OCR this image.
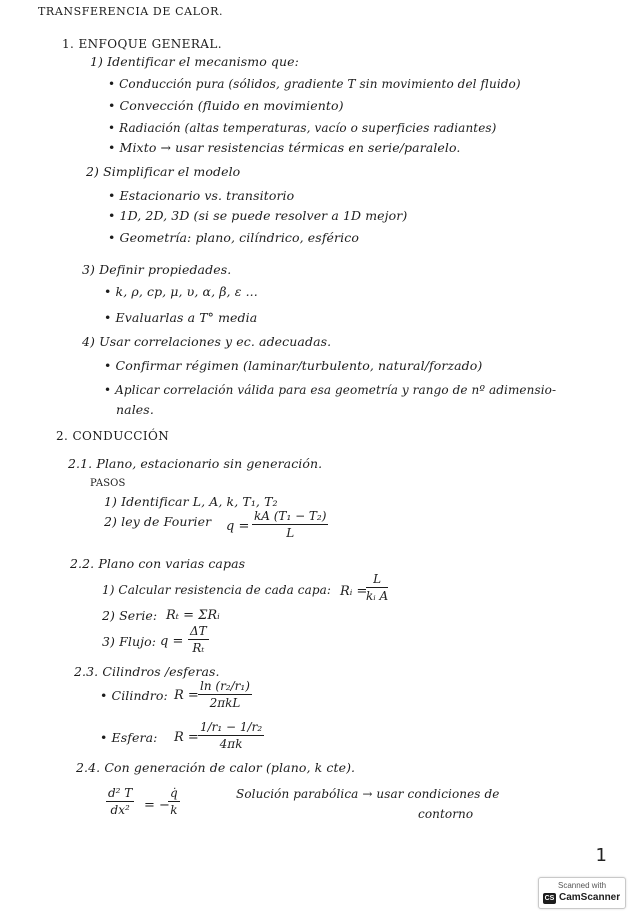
TRANSFERENCIA DE CALOR.
1. ENFOQUE GENERAL.
1) Identificar el mecanismo que:
• Conducción pura (sólidos, gradiente T sin movimiento del fluido)
• Convección (fluido en movimiento)
• Radiación (altas temperaturas, vacío o superficies radiantes)
• Mixto → usar resistencias térmicas en serie/paralelo.
2) Simplificar el modelo
• Estacionario vs. transitorio
• 1D, 2D, 3D (si se puede resolver a 1D mejor)
• Geometría: plano, cilíndrico, esférico
3) Definir propiedades.
• k, ρ, cp, μ, υ, α, β, ε ...
• Evaluarlas a T° media
4) Usar correlaciones y ec. adecuadas.
• Confirmar régimen (laminar/turbulento, natural/forzado)
• Aplicar correlación válida para esa geometría y rango de nº adimensio-
nales.
2. CONDUCCIÓN
2.1. Plano, estacionario sin generación.
PASOS
1) Identificar L, A, k, T₁, T₂
2) ley de Fourier $q = \frac{\text{kA (T₁ − T₂)}}{L}$
2.2. Plano con varias capas
1) Calcular resistencia de cada capa: Rᵢ =
$\frac{L}{\text{kᵢ A}}$
2) Serie: Rₜ = ΣRᵢ
3) Flujo: $q = \frac{\Delta T}{\text{Rₜ}}$
2.3. Cilindros /esferas.
• Cilindro: R =
ln (r₂/r₁)
2πkL
• Esfera: $R = \frac{\text{1/r₁ − 1/r₂}}{4\pi k}$
2.4. Con generación de calor (plano, k cte).
$\frac{\text{d² T}}{\text{dx²}}$ = −
$\frac{q̇}{k}$	Solución parabólica → usar condiciones de
contorno
1
Scanned with
CS CamScanner
